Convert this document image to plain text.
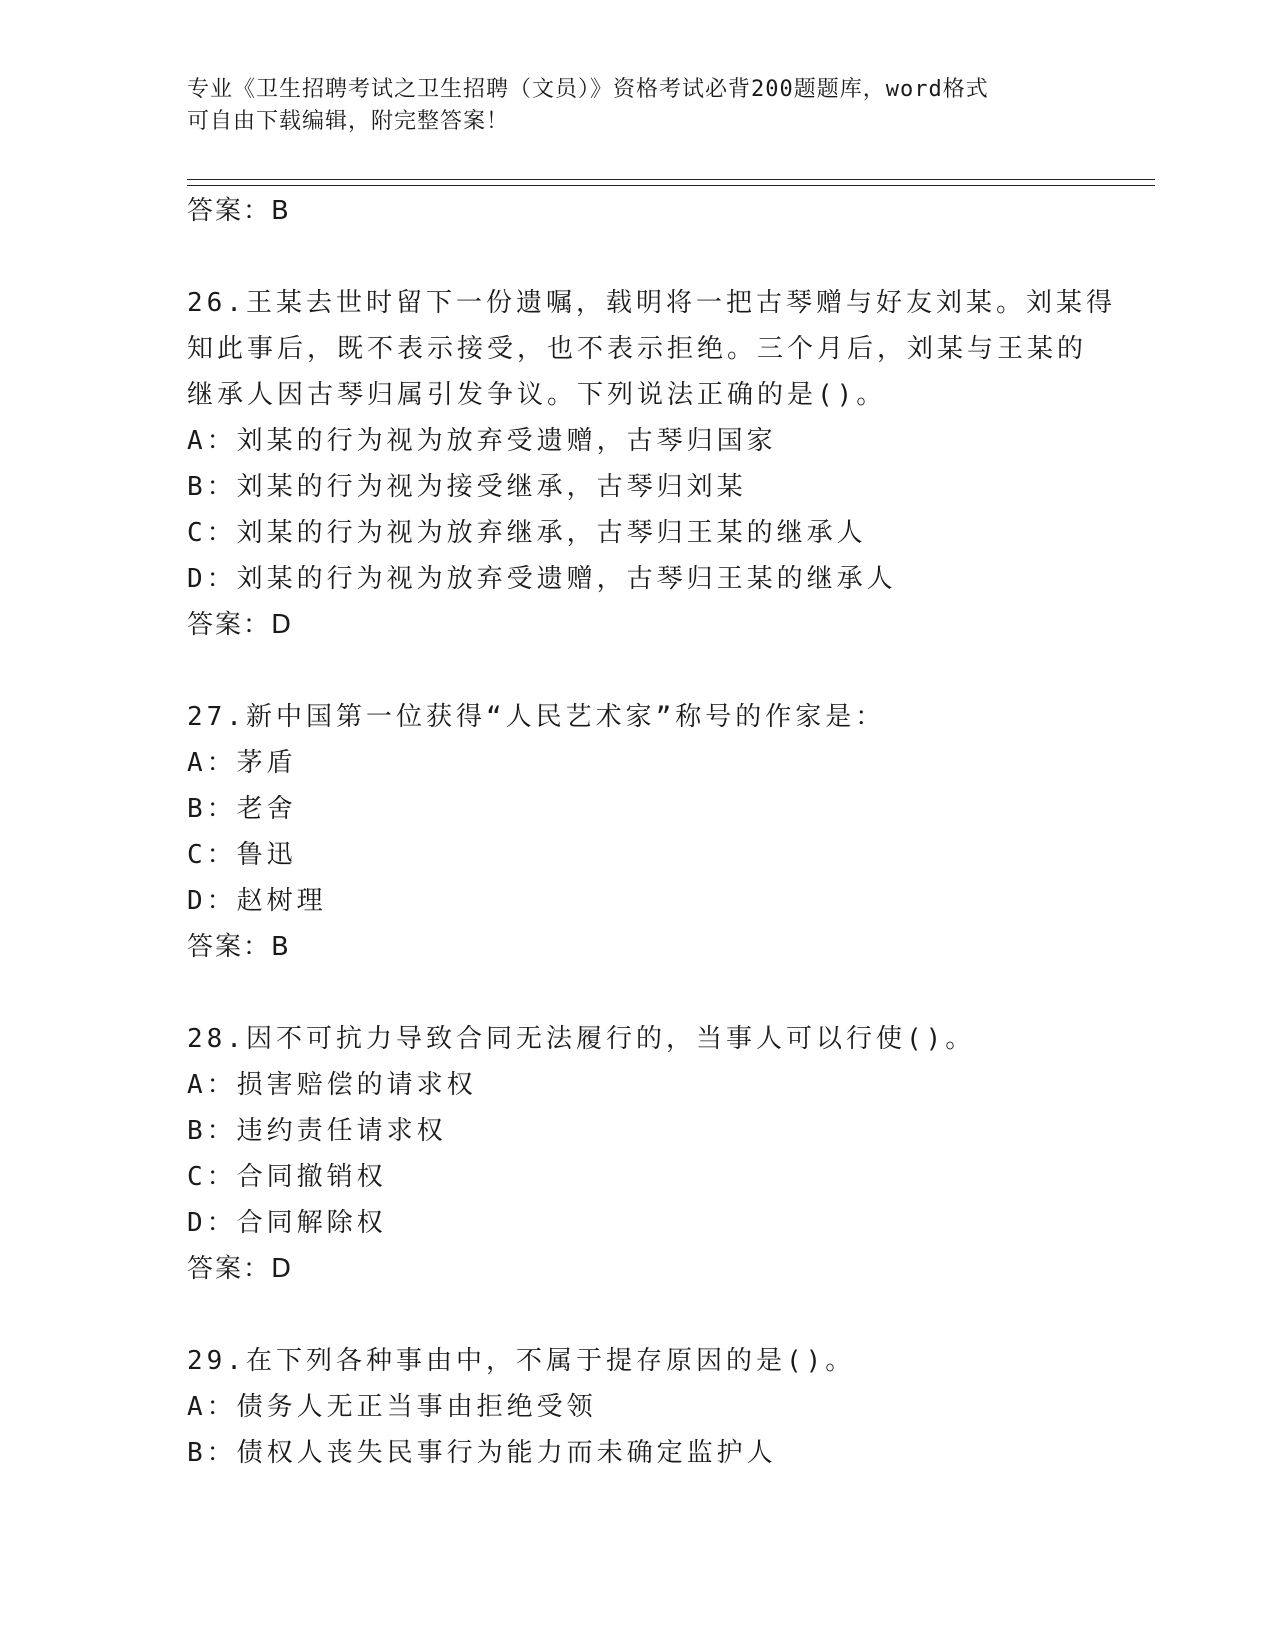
专业《卫生招聘考试之卫生招聘（文员）》资格考试必背200题题库，word格式
可自由下载编辑，附完整答案！
答案：B
26.王某去世时留下一份遗嘱，载明将一把古琴赠与好友刘某。刘某得
知此事后，既不表示接受，也不表示拒绝。三个月后，刘某与王某的
继承人因古琴归属引发争议。下列说法正确的是()。
A：刘某的行为视为放弃受遗赠，古琴归国家
B：刘某的行为视为接受继承，古琴归刘某
C：刘某的行为视为放弃继承，古琴归王某的继承人
D：刘某的行为视为放弃受遗赠，古琴归王某的继承人
答案：D
27.新中国第一位获得“人民艺术家”称号的作家是：
A：茅盾
B：老舍
C：鲁迅
D：赵树理
答案：B
28.因不可抗力导致合同无法履行的，当事人可以行使()。
A：损害赔偿的请求权
B：违约责任请求权
C：合同撤销权
D：合同解除权
答案：D
29.在下列各种事由中，不属于提存原因的是()。
A：债务人无正当事由拒绝受领
B：债权人丧失民事行为能力而未确定监护人
